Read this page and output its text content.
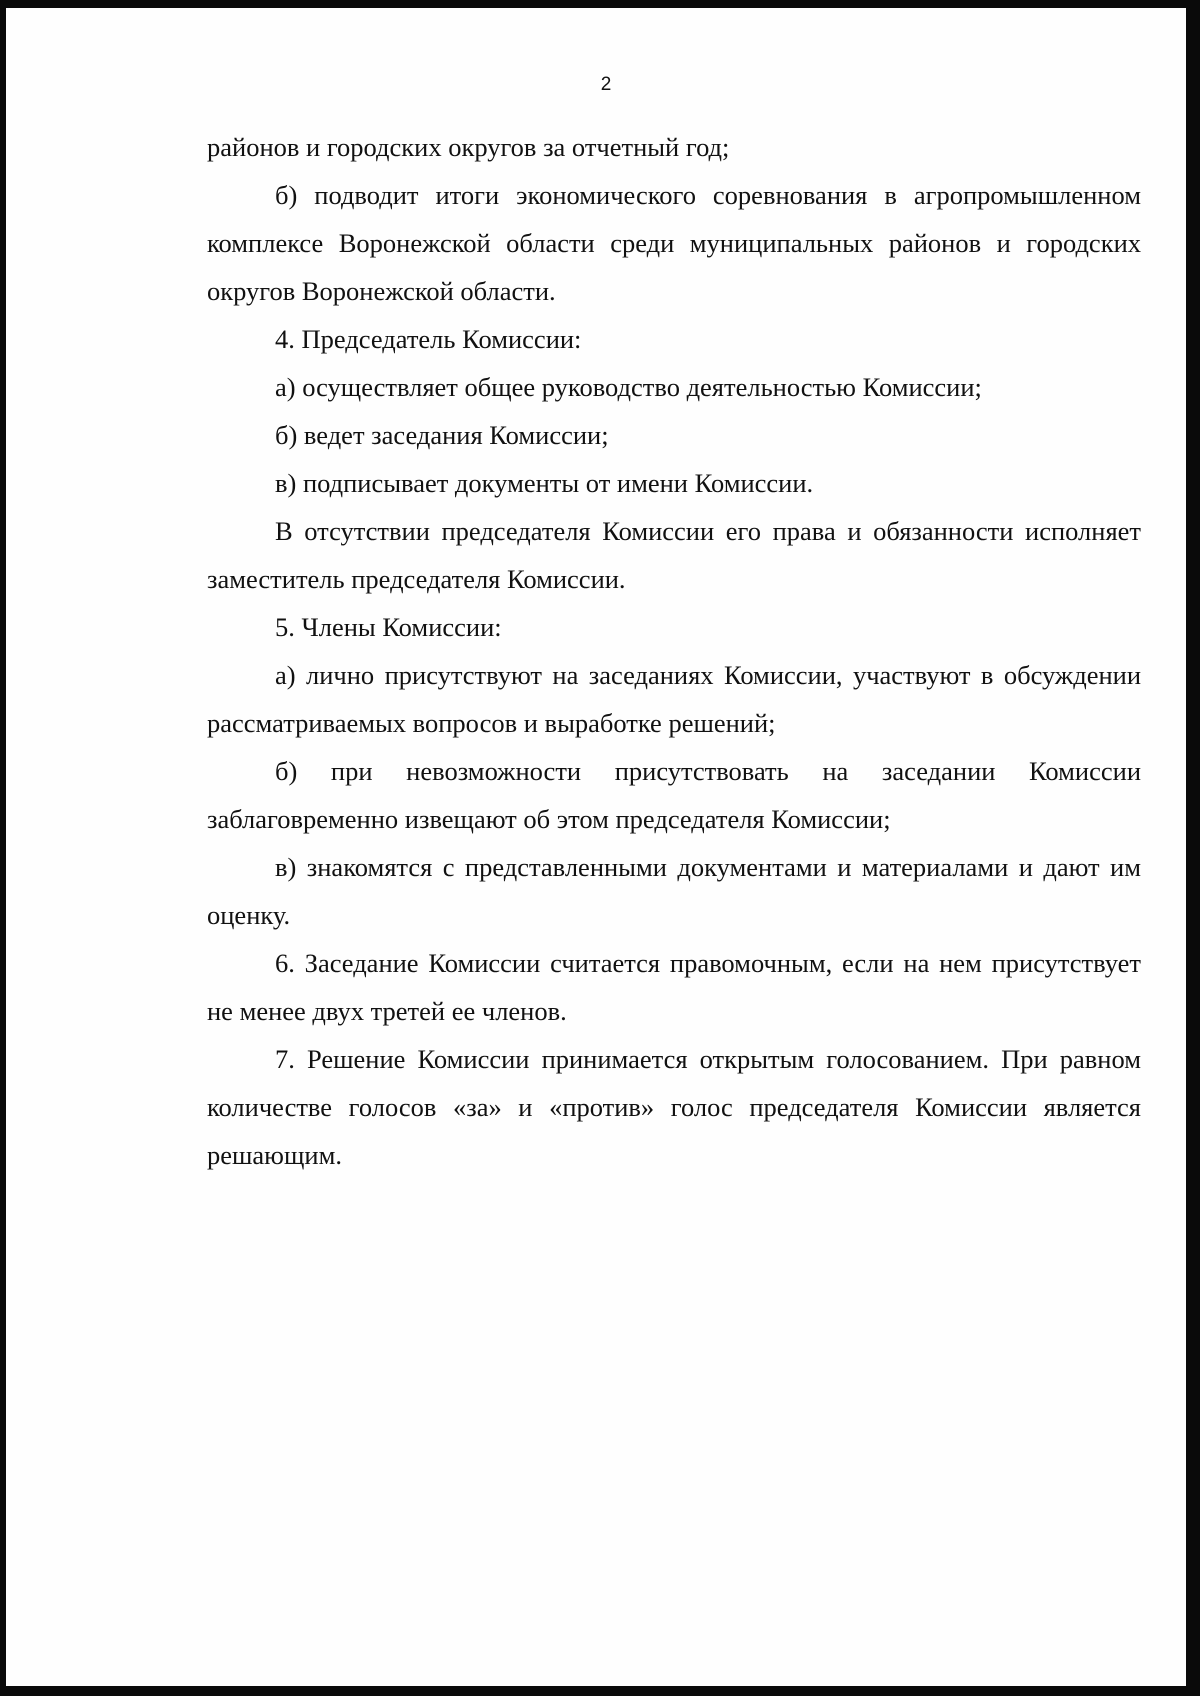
2

районов и городских округов за отчетный год;

б) подводит итоги экономического соревнования в агропромышленном комплексе Воронежской области среди муниципальных районов и городских округов Воронежской области.

4. Председатель Комиссии:

а) осуществляет общее руководство деятельностью Комиссии;

б) ведет заседания Комиссии;

в) подписывает документы от имени Комиссии.

В отсутствии председателя Комиссии его права и обязанности исполняет заместитель председателя Комиссии.

5. Члены Комиссии:

а) лично присутствуют на заседаниях Комиссии, участвуют в обсуждении рассматриваемых вопросов и выработке решений;

б) при невозможности присутствовать на заседании Комиссии заблаговременно извещают об этом председателя Комиссии;

в) знакомятся с представленными документами и материалами и дают им оценку.

6. Заседание Комиссии считается правомочным, если на нем присутствует не менее двух третей ее членов.

7. Решение Комиссии принимается открытым голосованием. При равном количестве голосов «за» и «против» голос председателя Комиссии является решающим.
